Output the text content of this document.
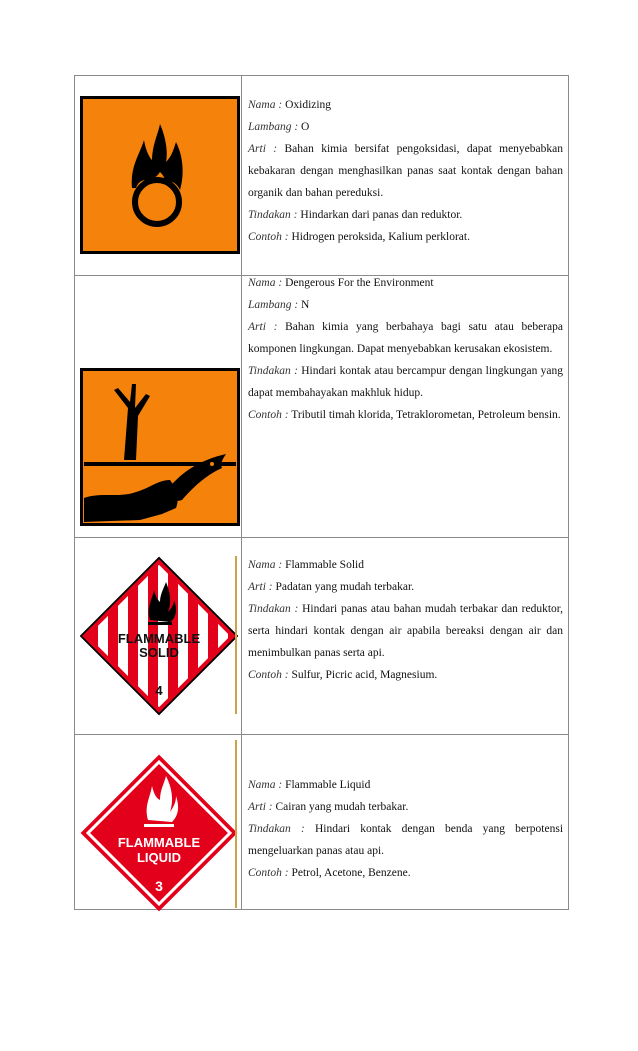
Nama : Oxidizing

Lambang : O

Arti : Bahan kimia bersifat pengoksidasi, dapat menyebabkan kebakaran dengan menghasilkan panas saat kontak dengan bahan organik dan bahan pereduksi.

Tindakan : Hindarkan dari panas dan reduktor.

Contoh : Hidrogen peroksida, Kalium perklorat.

Nama : Dengerous For the Environment

Lambang : N

Arti : Bahan kimia yang berbahaya bagi satu atau beberapa komponen lingkungan. Dapat menyebabkan kerusakan ekosistem.

Tindakan : Hindari kontak atau bercampur dengan lingkungan yang dapat membahayakan makhluk hidup.

Contoh : Tributil timah klorida, Tetraklorometan, Petroleum bensin.

FLAMMABLE
SOLID
4

Nama : Flammable Solid

Arti : Padatan yang mudah terbakar.

Tindakan : Hindari panas atau bahan mudah terbakar dan reduktor, serta hindari kontak dengan air apabila bereaksi dengan air dan menimbulkan panas serta api.

Contoh : Sulfur, Picric acid, Magnesium.

FLAMMABLE
LIQUID
3

Nama : Flammable Liquid

Arti : Cairan yang mudah terbakar.

Tindakan : Hindari kontak dengan benda yang berpotensi mengeluarkan panas atau api.

Contoh : Petrol, Acetone, Benzene.
